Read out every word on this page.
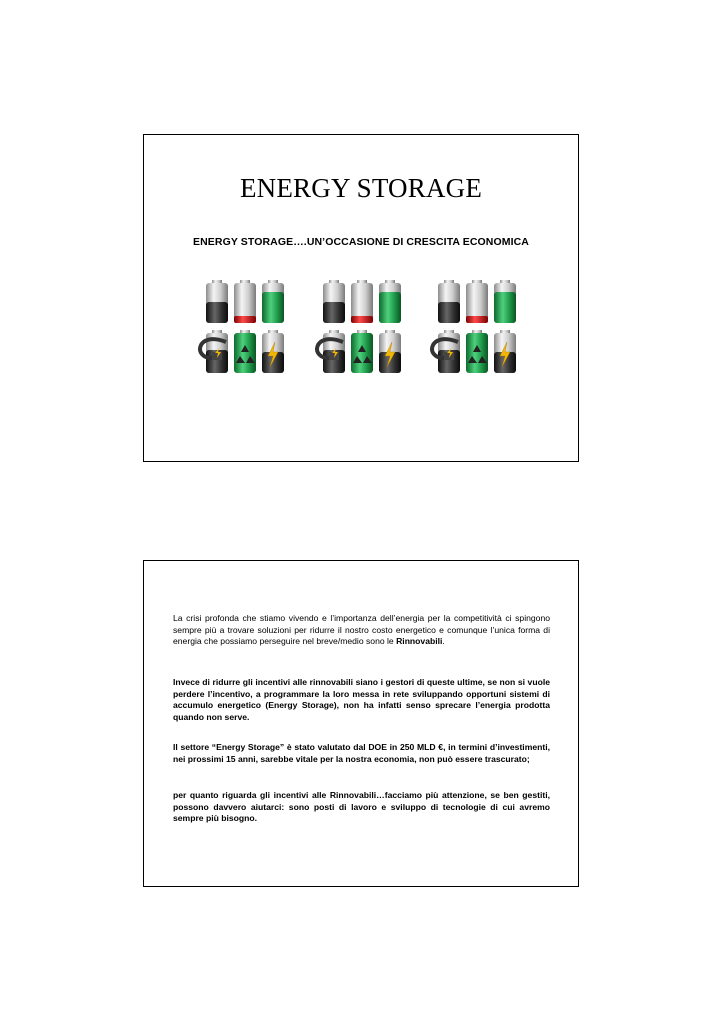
ENERGY STORAGE
ENERGY STORAGE….UN’OCCASIONE DI CRESCITA ECONOMICA
La crisi profonda che stiamo vivendo e l’importanza dell’energia per la competitività ci spingono sempre più a trovare soluzioni per ridurre il nostro costo energetico e comunque l’unica forma di energia che possiamo perseguire nel breve/medio sono le Rinnovabili.
Invece di ridurre gli incentivi alle rinnovabili siano i gestori di queste ultime, se non si vuole perdere l’incentivo, a programmare la loro messa in rete sviluppando opportuni sistemi di accumulo energetico (Energy Storage), non ha infatti senso sprecare l’energia prodotta quando non serve.
Il settore “Energy Storage” è stato valutato dal DOE in 250 MLD €, in termini d’investimenti, nei prossimi 15 anni, sarebbe vitale per la nostra economia, non può essere trascurato;
per quanto riguarda gli incentivi alle Rinnovabili…facciamo più attenzione, se ben gestiti, possono davvero aiutarci: sono posti di lavoro e sviluppo di tecnologie di cui avremo sempre più bisogno.
